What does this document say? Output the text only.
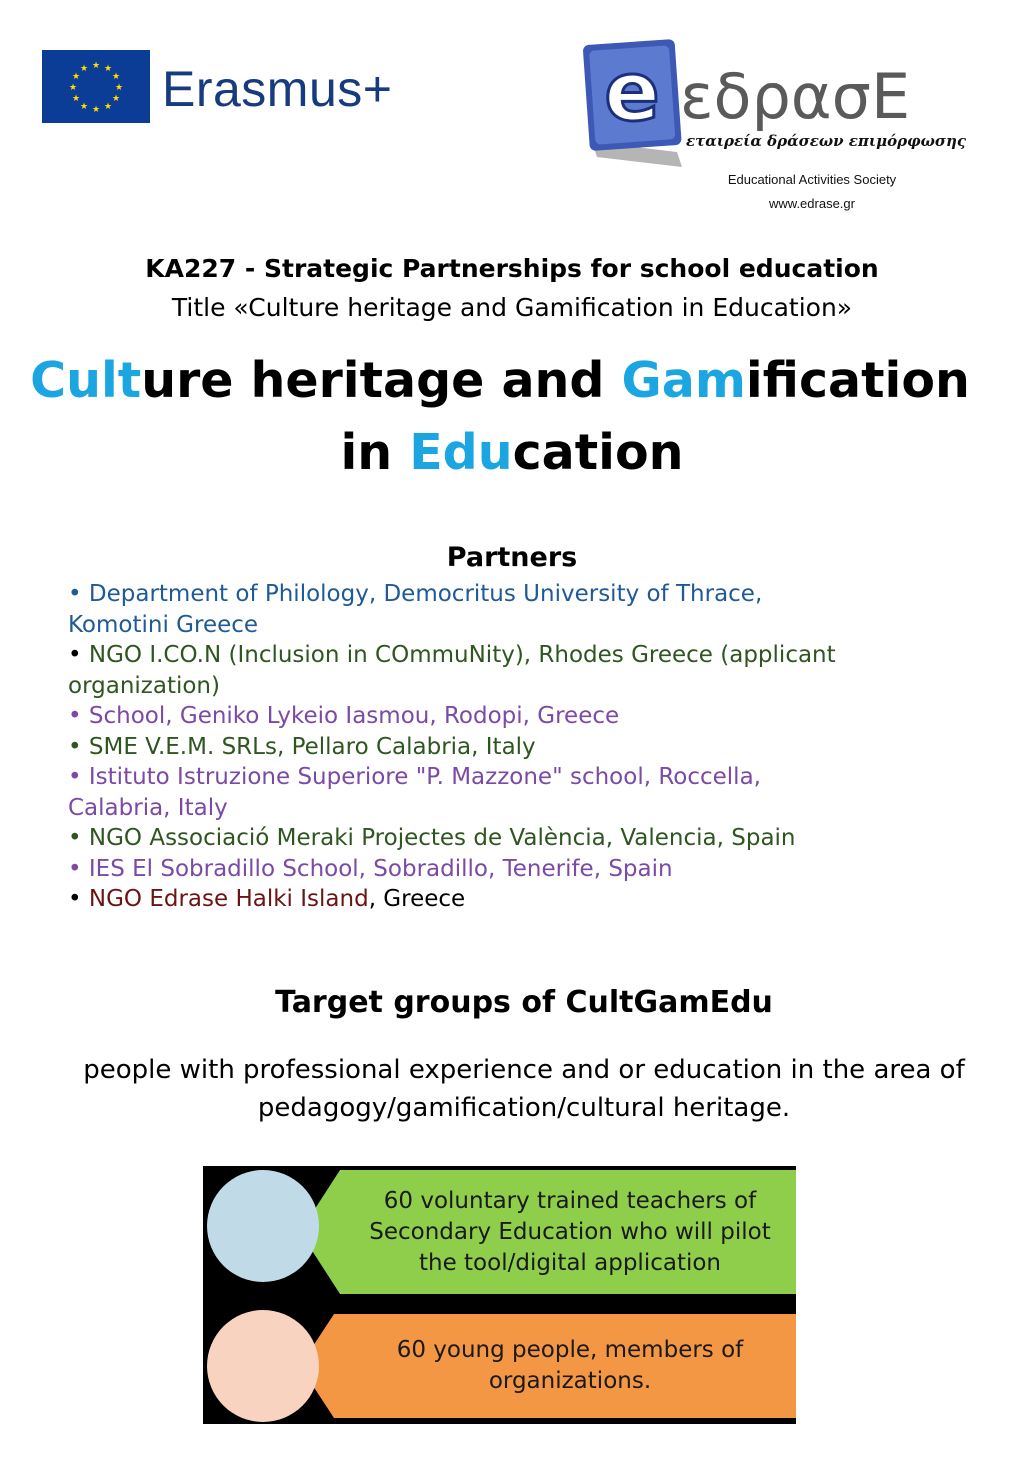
★ ★
★
★
★
★
★
★
★
★
★
★ Erasmus+	e εδρασΕ
εταιρεία δράσεων επιμόρφωσης
Educational Activities Society
www.edrase.gr
KA227 - Strategic Partnerships for school education
Title «Culture heritage and Gamification in Education»
Culture heritage and Gamification
in Education
Partners
• Department of Philology, Democritus University of Thrace,
Komotini Greece
• NGO I.CO.N (Inclusion in COmmuNity), Rhodes Greece (applicant
organization)
• School, Geniko Lykeio Iasmou, Rodopi, Greece
• SME V.E.M. SRLs, Pellaro Calabria, Italy
• Istituto Istruzione Superiore "P. Mazzone" school, Roccella,
Calabria, Italy
• NGO Associació Meraki Projectes de València, Valencia, Spain
• IES El Sobradillo School, Sobradillo, Tenerife, Spain
• NGO Edrase Halki Island, Greece
Target groups of CultGamEdu
people with professional experience and or education in the area of
pedagogy/gamification/cultural heritage.
60 voluntary trained teachers of
Secondary Education who will pilot
the tool/digital application
60 young people, members of
organizations.
